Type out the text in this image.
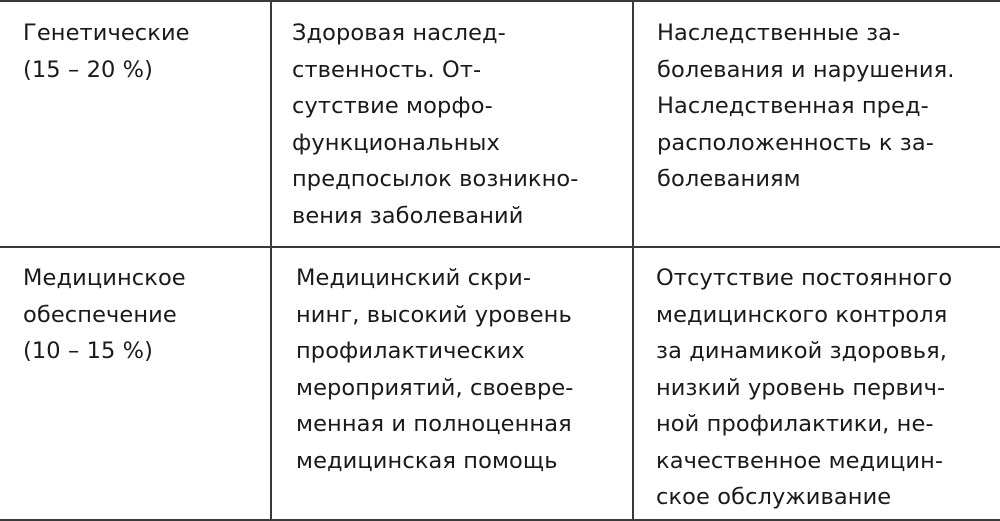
Генетические
(15 – 20 %)
Здоровая наслед-
ственность. От-
сутствие морфо-
функциональных
предпосылок возникно-
вения заболеваний
Наследственные за-
болевания и нарушения.
Наследственная пред-
расположенность к за-
болеваниям
Медицинское
обеспечение
(10 – 15 %)
Медицинский скри-
нинг, высокий уровень
профилактических
мероприятий, своевре-
менная и полноценная
медицинская помощь
Отсутствие постоянного
медицинского контроля
за динамикой здоровья,
низкий уровень первич-
ной профилактики, не-
качественное медицин-
ское обслуживание
